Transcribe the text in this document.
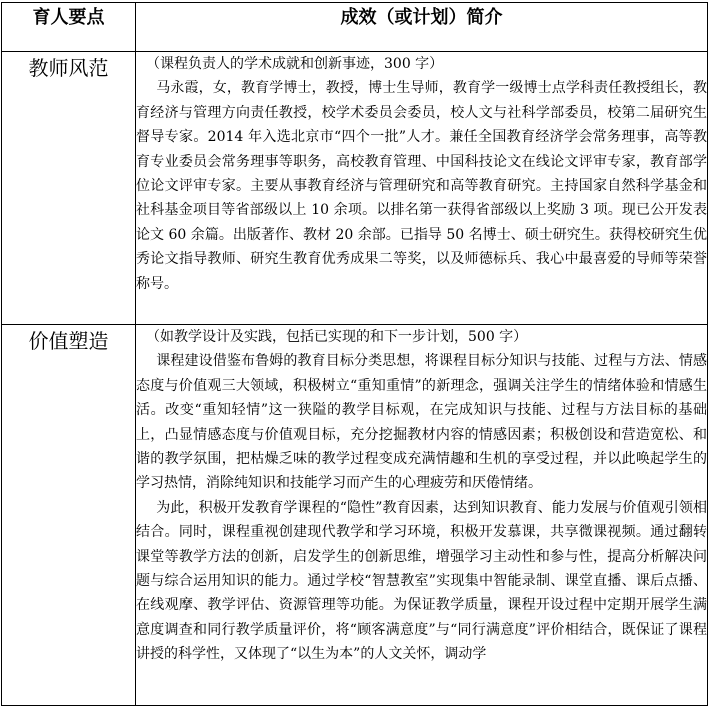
育人要点	成效（或计划）简介
教师风范	（课程负责人的学术成就和创新事迹，300 字）

马永霞，女，教育学博士，教授，博士生导师，教育学一级博士点学科责任教授组长，教育经济与管理方向责任教授，校学术委员会委员，校人文与社科学部委员，校第二届研究生督导专家。2014 年入选北京市“四个一批”人才。兼任全国教育经济学会常务理事，高等教育专业委员会常务理事等职务，高校教育管理、中国科技论文在线论文评审专家，教育部学位论文评审专家。主要从事教育经济与管理研究和高等教育研究。主持国家自然科学基金和社科基金项目等省部级以上 10 余项。以排名第一获得省部级以上奖励 3 项。现已公开发表论文 60 余篇。出版著作、教材 20 余部。已指导 50 名博士、硕士研究生。获得校研究生优秀论文指导教师、研究生教育优秀成果二等奖，以及师德标兵、我心中最喜爱的导师等荣誉称号。

价值塑造	（如教学设计及实践，包括已实现的和下一步计划，500 字）

课程建设借鉴布鲁姆的教育目标分类思想，将课程目标分知识与技能、过程与方法、情感态度与价值观三大领域，积极树立“重知重情”的新理念，强调关注学生的情绪体验和情感生活。改变“重知轻情”这一狭隘的教学目标观，在完成知识与技能、过程与方法目标的基础上，凸显情感态度与价值观目标，充分挖掘教材内容的情感因素；积极创设和营造宽松、和谐的教学氛围，把枯燥乏味的教学过程变成充满情趣和生机的享受过程，并以此唤起学生的学习热情，消除纯知识和技能学习而产生的心理疲劳和厌倦情绪。

为此，积极开发教育学课程的“隐性”教育因素，达到知识教育、能力发展与价值观引领相结合。同时，课程重视创建现代教学和学习环境，积极开发慕课，共享微课视频。通过翻转课堂等教学方法的创新，启发学生的创新思维，增强学习主动性和参与性，提高分析解决问题与综合运用知识的能力。通过学校“智慧教室”实现集中智能录制、课堂直播、课后点播、在线观摩、教学评估、资源管理等功能。为保证教学质量，课程开设过程中定期开展学生满意度调查和同行教学质量评价，将“顾客满意度”与“同行满意度”评价相结合，既保证了课程讲授的科学性，又体现了“以生为本”的人文关怀，调动学
